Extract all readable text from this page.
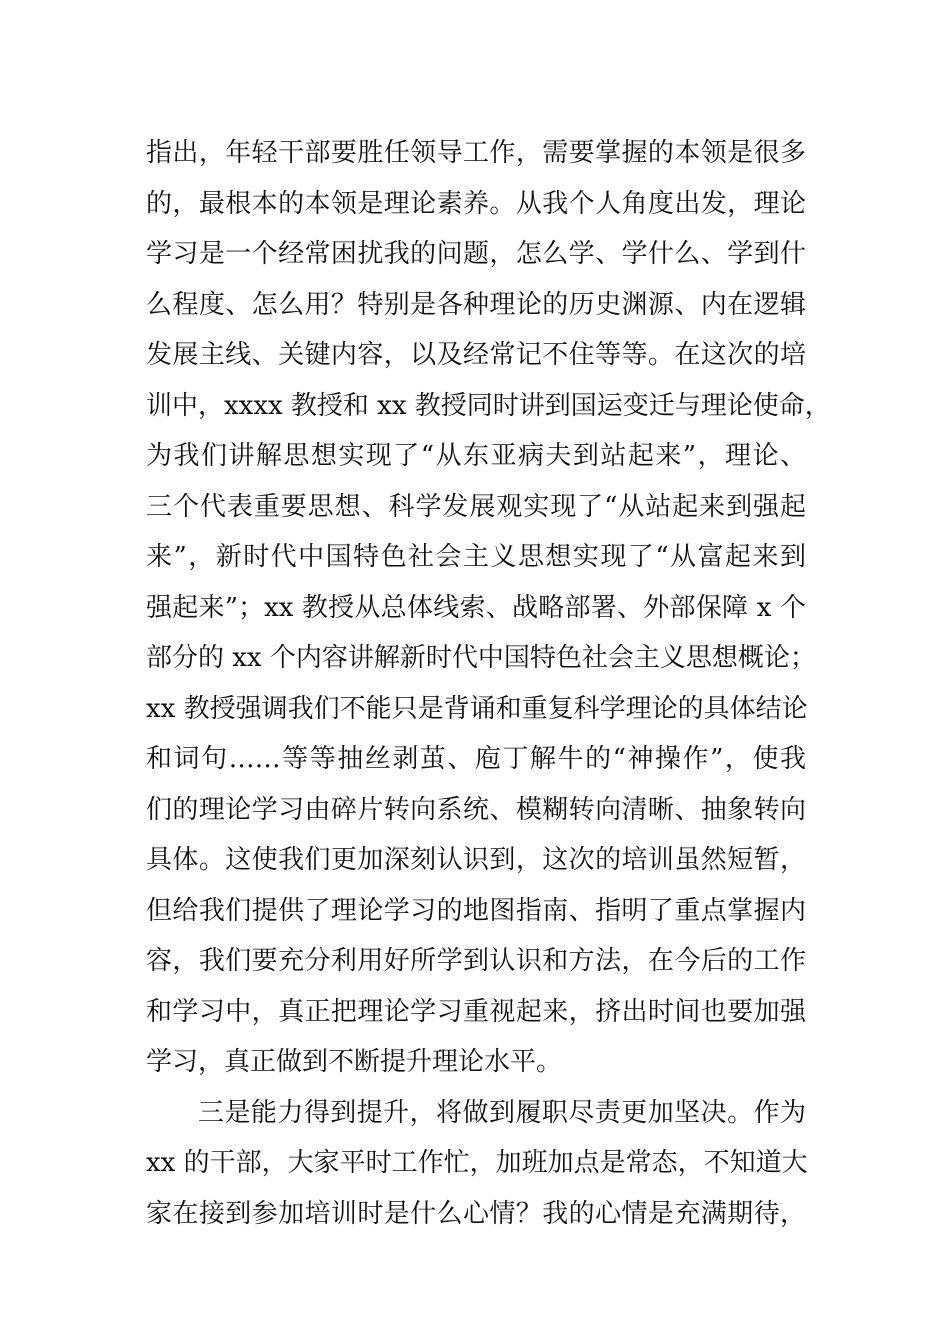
指出，年轻干部要胜任领导工作，需要掌握的本领是很多
的，最根本的本领是理论素养。从我个人角度出发，理论
学习是一个经常困扰我的问题，怎么学、学什么、学到什
么程度、怎么用？特别是各种理论的历史渊源、内在逻辑
发展主线、关键内容，以及经常记不住等等。在这次的培
训中，xxxx 教授和 xx 教授同时讲到国运变迁与理论使命，
为我们讲解思想实现了“从东亚病夫到站起来”，理论、
三个代表重要思想、科学发展观实现了“从站起来到强起
来”，新时代中国特色社会主义思想实现了“从富起来到
强起来”；xx 教授从总体线索、战略部署、外部保障 x 个
部分的 xx 个内容讲解新时代中国特色社会主义思想概论；
xx 教授强调我们不能只是背诵和重复科学理论的具体结论
和词句……等等抽丝剥茧、庖丁解牛的“神操作”，使我
们的理论学习由碎片转向系统、模糊转向清晰、抽象转向
具体。这使我们更加深刻认识到，这次的培训虽然短暂，
但给我们提供了理论学习的地图指南、指明了重点掌握内
容，我们要充分利用好所学到认识和方法，在今后的工作
和学习中，真正把理论学习重视起来，挤出时间也要加强
学习，真正做到不断提升理论水平。
三是能力得到提升，将做到履职尽责更加坚决。作为
xx 的干部，大家平时工作忙，加班加点是常态，不知道大
家在接到参加培训时是什么心情？我的心情是充满期待，
